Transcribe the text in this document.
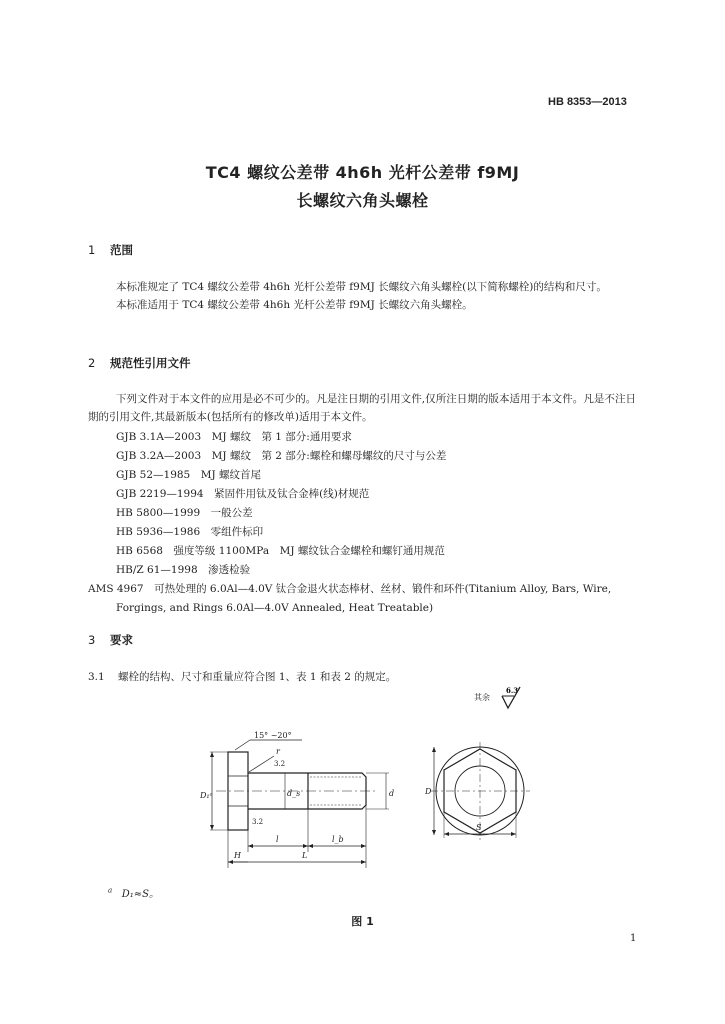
HB 8353—2013
TC4 螺纹公差带 4h6h 光杆公差带 f9MJ
长螺纹六角头螺栓
1 范围

本标准规定了 TC4 螺纹公差带 4h6h 光杆公差带 f9MJ 长螺纹六角头螺栓(以下简称螺栓)的结构和尺寸。

本标准适用于 TC4 螺纹公差带 4h6h 光杆公差带 f9MJ 长螺纹六角头螺栓。

2 规范性引用文件

下列文件对于本文件的应用是必不可少的。凡是注日期的引用文件,仅所注日期的版本适用于本文件。凡是不注日期的引用文件,其最新版本(包括所有的修改单)适用于本文件。

GJB 3.1A—2003　MJ 螺纹　第 1 部分:通用要求
GJB 3.2A—2003　MJ 螺纹　第 2 部分:螺栓和螺母螺纹的尺寸与公差
GJB 52—1985　MJ 螺纹首尾
GJB 2219—1994　紧固件用钛及钛合金棒(线)材规范
HB 5800—1999　一般公差
HB 5936—1986　零组件标印
HB 6568　强度等级 1100MPa　MJ 螺纹钛合金螺栓和螺钉通用规范
HB/Z 61—1998　渗透检验
AMS 4967　可热处理的 6.0Al—4.0V 钛合金退火状态棒材、丝材、锻件和环件(Titanium Alloy, Bars, Wire, Forgings, and Rings 6.0Al—4.0V Annealed, Heat Treatable)
3 要求
3.1 螺栓的结构、尺寸和重量应符合图 1、表 1 和表 2 的规定。
其余
6.3
15° ~20°
r
3.2
3.2
D₁ᵃ	d_s	d
l	l_b
H	L
D
S
$^a$ D₁≈S。
图 1
1
